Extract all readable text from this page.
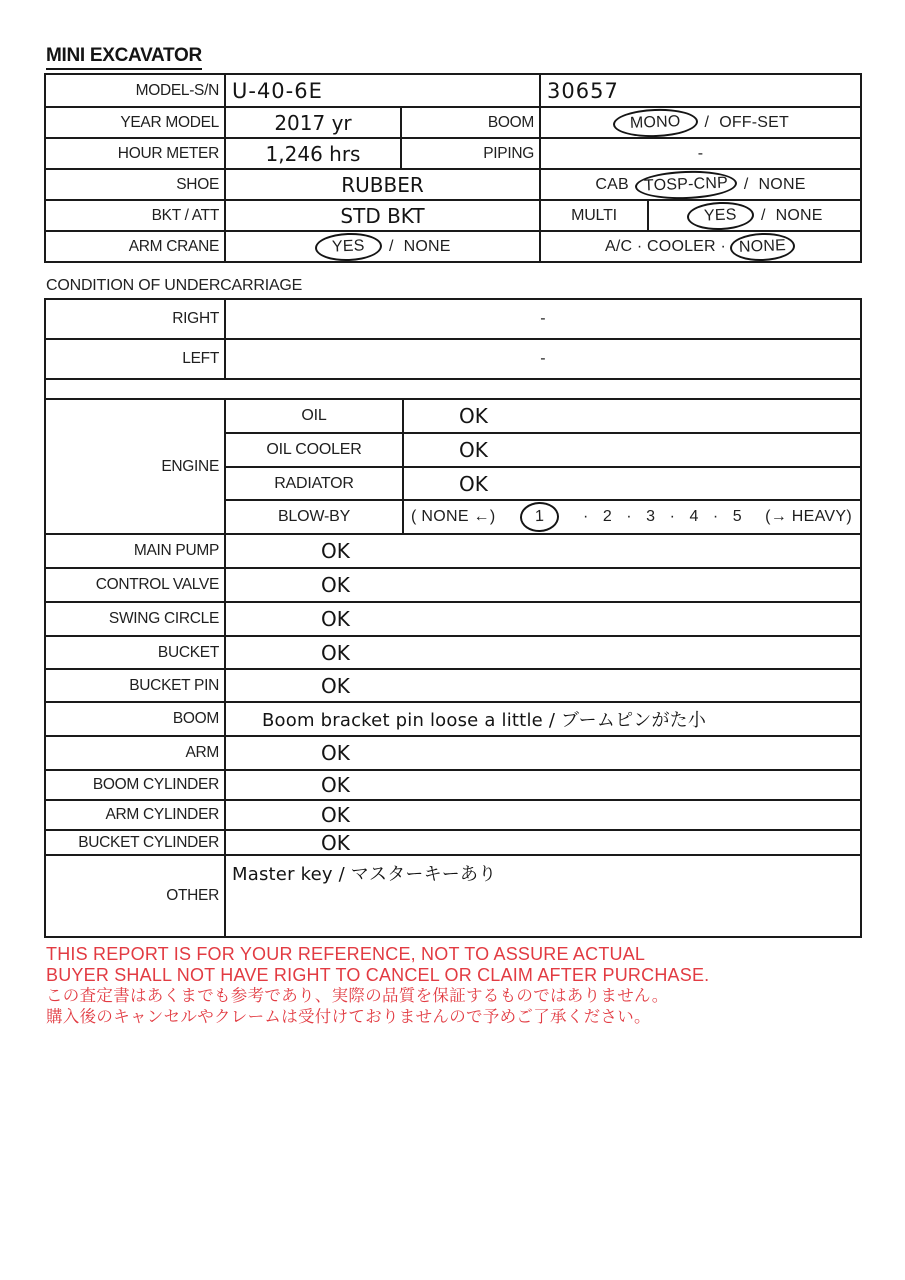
MINI EXCAVATOR
MODEL-S/N U-40-6E	30657
YEAR MODEL	2017 yr	BOOM	MONO / OFF-SET
HOUR METER	1,246 hrs	PIPING	-
SHOE	RUBBER	CAB TOSP-CNP / NONE
BKT / ATT	STD BKT	MULTI	YES / NONE
ARM CRANE	YES / NONE	A/C · COOLER · NONE
CONDITION OF UNDERCARRIAGE
RIGHT	-
LEFT	-
ENGINE
OIL	OK
OIL COOLER	OK
RADIATOR	OK
BLOW-BY	( NONE ←) 1 ·   2   ·   3   ·   4   ·   5 (→ HEAVY)
MAIN PUMP	OK
CONTROL VALVE	OK
SWING CIRCLE	OK
BUCKET	OK
BUCKET PIN	OK
BOOM	Boom bracket pin loose a little / ブームピンがた小
ARM	OK
BOOM CYLINDER	OK
ARM CYLINDER	OK
BUCKET CYLINDER	OK
OTHER
Master key / マスターキーあり
THIS REPORT IS FOR YOUR REFERENCE, NOT TO ASSURE ACTUAL
BUYER SHALL NOT HAVE RIGHT TO CANCEL OR CLAIM AFTER PURCHASE.
この査定書はあくまでも参考であり、実際の品質を保証するものではありません。
購入後のキャンセルやクレームは受付けておりませんので予めご了承ください。
